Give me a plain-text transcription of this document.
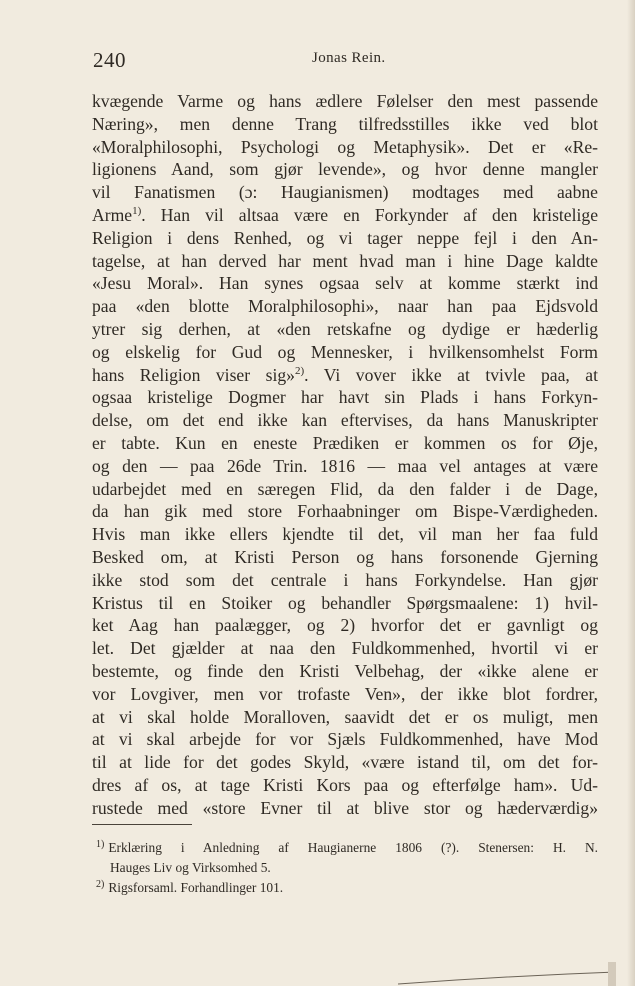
240	Jonas Rein.
kvægende Varme og hans ædlere Følelser den mest passende
Næring», men denne Trang tilfredsstilles ikke ved blot
«Moralphilosophi, Psychologi og Metaphysik». Det er «Re-
ligionens Aand, som gjør levende», og hvor denne mangler
vil Fanatismen (ɔ: Haugianismen) modtages med aabne
Arme$^{1)}$. Han vil altsaa være en Forkynder af den kristelige
Religion i dens Renhed, og vi tager neppe fejl i den An-
tagelse, at han derved har ment hvad man i hine Dage kaldte
«Jesu Moral». Han synes ogsaa selv at komme stærkt ind
paa «den blotte Moralphilosophi», naar han paa Ejdsvold
ytrer sig derhen, at «den retskafne og dydige er hæderlig
og elskelig for Gud og Mennesker, i hvilkensomhelst Form
hans Religion viser sig»$^{2)}$. Vi vover ikke at tvivle paa, at
ogsaa kristelige Dogmer har havt sin Plads i hans Forkyn-
delse, om det end ikke kan eftervises, da hans Manuskripter
er tabte. Kun en eneste Prædiken er kommen os for Øje,
og den — paa 26de Trin. 1816 — maa vel antages at være
udarbejdet med en særegen Flid, da den falder i de Dage,
da han gik med store Forhaabninger om Bispe-Værdigheden.
Hvis man ikke ellers kjendte til det, vil man her faa fuld
Besked om, at Kristi Person og hans forsonende Gjerning
ikke stod som det centrale i hans Forkyndelse. Han gjør
Kristus til en Stoiker og behandler Spørgsmaalene: 1) hvil-
ket Aag han paalægger, og 2) hvorfor det er gavnligt og
let. Det gjælder at naa den Fuldkommenhed, hvortil vi er
bestemte, og finde den Kristi Velbehag, der «ikke alene er
vor Lovgiver, men vor trofaste Ven», der ikke blot fordrer,
at vi skal holde Moralloven, saavidt det er os muligt, men
at vi skal arbejde for vor Sjæls Fuldkommenhed, have Mod
til at lide for det godes Skyld, «være istand til, om det for-
dres af os, at tage Kristi Kors paa og efterfølge ham». Ud-
rustede med «store Evner til at blive stor og hæderværdig»
$^{1)}$ Erklæring i Anledning af Haugianerne 1806 (?). Stenersen: H. N.
Hauges Liv og Virksomhed 5.
$^{2)}$ Rigsforsaml. Forhandlinger 101.
